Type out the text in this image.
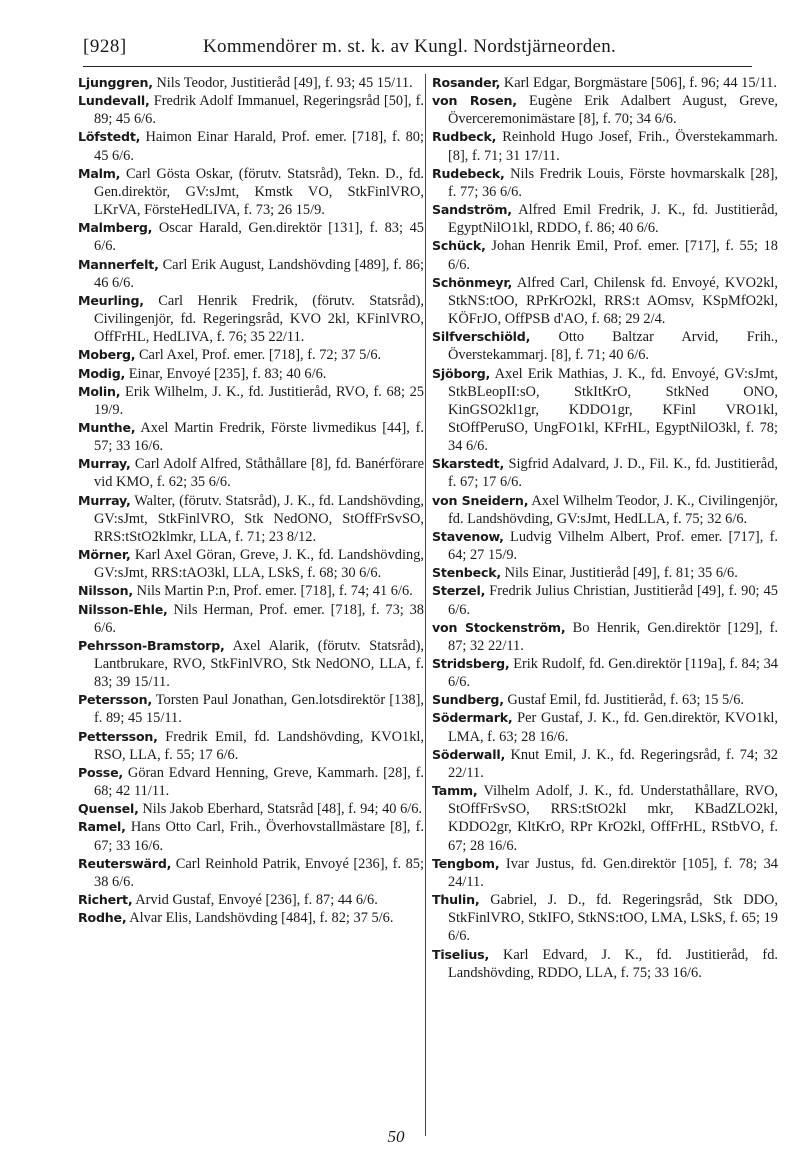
[928]	Kommendörer m. st. k. av Kungl. Nordstjärneorden.

Ljunggren, Nils Teodor, Justitieråd [49], f. 93; 45 15/11.

Lundevall, Fredrik Adolf Immanuel, Regeringsråd [50], f. 89; 45 6/6.

Löfstedt, Haimon Einar Harald, Prof. emer. [718], f. 80; 45 6/6.

Malm, Carl Gösta Oskar, (förutv. Statsråd), Tekn. D., fd. Gen.direktör, GV:sJmt, Kmstk VO, StkFinlVRO, LKrVA, FörsteHedLIVA, f. 73; 26 15/9.

Malmberg, Oscar Harald, Gen.direktör [131], f. 83; 45 6/6.

Mannerfelt, Carl Erik August, Landshövding [489], f. 86; 46 6/6.

Meurling, Carl Henrik Fredrik, (förutv. Statsråd), Civilingenjör, fd. Regeringsråd, KVO 2kl, KFinlVRO, OffFrHL, HedLIVA, f. 76; 35 22/11.

Moberg, Carl Axel, Prof. emer. [718], f. 72; 37 5/6.

Modig, Einar, Envoyé [235], f. 83; 40 6/6.

Molin, Erik Wilhelm, J. K., fd. Justitieråd, RVO, f. 68; 25 19/9.

Munthe, Axel Martin Fredrik, Förste livmedikus [44], f. 57; 33 16/6.

Murray, Carl Adolf Alfred, Ståthållare [8], fd. Banérförare vid KMO, f. 62; 35 6/6.

Murray, Walter, (förutv. Statsråd), J. K., fd. Landshövding, GV:sJmt, StkFinlVRO, Stk NedONO, StOffFrSvSO, RRS:tStO2klmkr, LLA, f. 71; 23 8/12.

Mörner, Karl Axel Göran, Greve, J. K., fd. Landshövding, GV:sJmt, RRS:tAO3kl, LLA, LSkS, f. 68; 30 6/6.

Nilsson, Nils Martin P:n, Prof. emer. [718], f. 74; 41 6/6.

Nilsson-Ehle, Nils Herman, Prof. emer. [718], f. 73; 38 6/6.

Pehrsson-Bramstorp, Axel Alarik, (förutv. Statsråd), Lantbrukare, RVO, StkFinlVRO, Stk NedONO, LLA, f. 83; 39 15/11.

Petersson, Torsten Paul Jonathan, Gen.lotsdirektör [138], f. 89; 45 15/11.

Pettersson, Fredrik Emil, fd. Landshövding, KVO1kl, RSO, LLA, f. 55; 17 6/6.

Posse, Göran Edvard Henning, Greve, Kammarh. [28], f. 68; 42 11/11.

Quensel, Nils Jakob Eberhard, Statsråd [48], f. 94; 40 6/6.

Ramel, Hans Otto Carl, Frih., Överhovstallmästare [8], f. 67; 33 16/6.

Reuterswärd, Carl Reinhold Patrik, Envoyé [236], f. 85; 38 6/6.

Richert, Arvid Gustaf, Envoyé [236], f. 87; 44 6/6.

Rodhe, Alvar Elis, Landshövding [484], f. 82; 37 5/6.

Rosander, Karl Edgar, Borgmästare [506], f. 96; 44 15/11.

von Rosen, Eugène Erik Adalbert August, Greve, Överceremonimästare [8], f. 70; 34 6/6.

Rudbeck, Reinhold Hugo Josef, Frih., Överstekammarh. [8], f. 71; 31 17/11.

Rudebeck, Nils Fredrik Louis, Förste hovmarskalk [28], f. 77; 36 6/6.

Sandström, Alfred Emil Fredrik, J. K., fd. Justitieråd, EgyptNilO1kl, RDDO, f. 86; 40 6/6.

Schück, Johan Henrik Emil, Prof. emer. [717], f. 55; 18 6/6.

Schönmeyr, Alfred Carl, Chilensk fd. Envoyé, KVO2kl, StkNS:tOO, RPrKrO2kl, RRS:t AOmsv, KSpMfO2kl, KÖFrJO, OffPSB d'AO, f. 68; 29 2/4.

Silfverschiöld, Otto Baltzar Arvid, Frih., Överstekammarj. [8], f. 71; 40 6/6.

Sjöborg, Axel Erik Mathias, J. K., fd. Envoyé, GV:sJmt, StkBLeopII:sO, StkItKrO, StkNed ONO, KinGSO2kl1gr, KDDO1gr, KFinl VRO1kl, StOffPeruSO, UngFO1kl, KFrHL, EgyptNilO3kl, f. 78; 34 6/6.

Skarstedt, Sigfrid Adalvard, J. D., Fil. K., fd. Justitieråd, f. 67; 17 6/6.

von Sneidern, Axel Wilhelm Teodor, J. K., Civilingenjör, fd. Landshövding, GV:sJmt, HedLLA, f. 75; 32 6/6.

Stavenow, Ludvig Vilhelm Albert, Prof. emer. [717], f. 64; 27 15/9.

Stenbeck, Nils Einar, Justitieråd [49], f. 81; 35 6/6.

Sterzel, Fredrik Julius Christian, Justitieråd [49], f. 90; 45 6/6.

von Stockenström, Bo Henrik, Gen.direktör [129], f. 87; 32 22/11.

Stridsberg, Erik Rudolf, fd. Gen.direktör [119a], f. 84; 34 6/6.

Sundberg, Gustaf Emil, fd. Justitieråd, f. 63; 15 5/6.

Södermark, Per Gustaf, J. K., fd. Gen.direktör, KVO1kl, LMA, f. 63; 28 16/6.

Söderwall, Knut Emil, J. K., fd. Regeringsråd, f. 74; 32 22/11.

Tamm, Vilhelm Adolf, J. K., fd. Understathållare, RVO, StOffFrSvSO, RRS:tStO2kl mkr, KBadZLO2kl, KDDO2gr, KltKrO, RPr KrO2kl, OffFrHL, RStbVO, f. 67; 28 16/6.

Tengbom, Ivar Justus, fd. Gen.direktör [105], f. 78; 34 24/11.

Thulin, Gabriel, J. D., fd. Regeringsråd, Stk DDO, StkFinlVRO, StkIFO, StkNS:tOO, LMA, LSkS, f. 65; 19 6/6.

Tiselius, Karl Edvard, J. K., fd. Justitieråd, fd. Landshövding, RDDO, LLA, f. 75; 33 16/6.

50
